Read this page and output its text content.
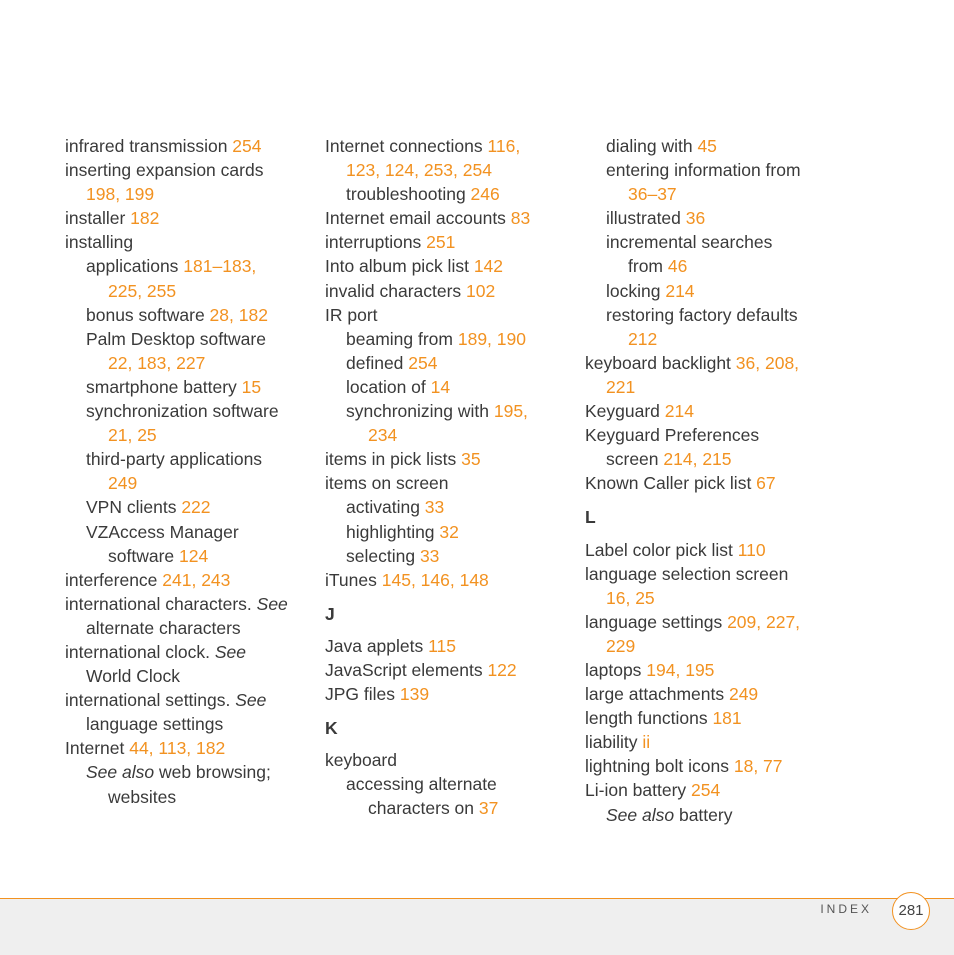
infrared transmission 254
inserting expansion cards
198, 199
installer 182
installing
applications 181–183,
225, 255
bonus software 28, 182
Palm Desktop software
22, 183, 227
smartphone battery 15
synchronization software
21, 25
third-party applications
249
VPN clients 222
VZAccess Manager
software 124
interference 241, 243
international characters. See
alternate characters
international clock. See
World Clock
international settings. See
language settings
Internet 44, 113, 182
See also web browsing;
websites
Internet connections 116,
123, 124, 253, 254
troubleshooting 246
Internet email accounts 83
interruptions 251
Into album pick list 142
invalid characters 102
IR port
beaming from 189, 190
defined 254
location of 14
synchronizing with 195,
234
items in pick lists 35
items on screen
activating 33
highlighting 32
selecting 33
iTunes 145, 146, 148
J
Java applets 115
JavaScript elements 122
JPG files 139
K
keyboard
accessing alternate
characters on 37
dialing with 45
entering information from
36–37
illustrated 36
incremental searches
from 46
locking 214
restoring factory defaults
212
keyboard backlight 36, 208,
221
Keyguard 214
Keyguard Preferences
screen 214, 215
Known Caller pick list 67
L
Label color pick list 110
language selection screen
16, 25
language settings 209, 227,
229
laptops 194, 195
large attachments 249
length functions 181
liability ii
lightning bolt icons 18, 77
Li-ion battery 254
See also battery
INDEX	281
